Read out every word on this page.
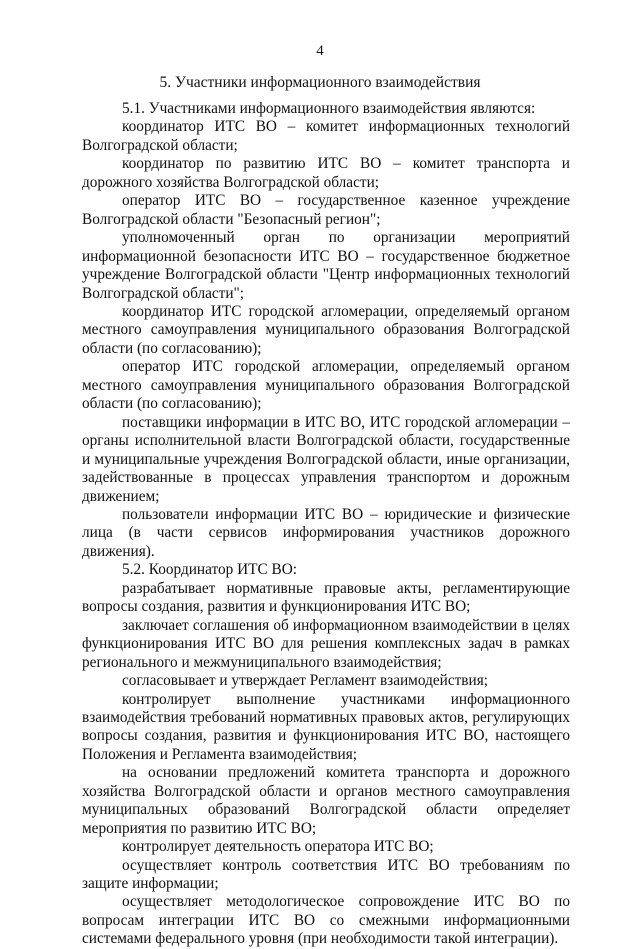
4
5. Участники информационного взаимодействия

5.1. Участниками информационного взаимодействия являются:

координатор ИТС ВО – комитет информационных технологий Волгоградской области;

координатор по развитию ИТС ВО – комитет транспорта и дорожного хозяйства Волгоградской области;

оператор ИТС ВО – государственное казенное учреждение Волгоградской области "Безопасный регион";

уполномоченный орган по организации мероприятий информационной безопасности ИТС ВО – государственное бюджетное учреждение Волгоградской области "Центр информационных технологий Волгоградской области";

координатор ИТС городской агломерации, определяемый органом местного самоуправления муниципального образования Волгоградской области (по согласованию);

оператор ИТС городской агломерации, определяемый органом местного самоуправления муниципального образования Волгоградской области (по согласованию);

поставщики информации в ИТС ВО, ИТС городской агломерации – органы исполнительной власти Волгоградской области, государственные и муниципальные учреждения Волгоградской области, иные организации, задействованные в процессах управления транспортом и дорожным движением;

пользователи информации ИТС ВО – юридические и физические лица (в части сервисов информирования участников дорожного движения).

5.2. Координатор ИТС ВО:

разрабатывает нормативные правовые акты, регламентирующие вопросы создания, развития и функционирования ИТС ВО;

заключает соглашения об информационном взаимодействии в целях функционирования ИТС ВО для решения комплексных задач в рамках регионального и межмуниципального взаимодействия;

согласовывает и утверждает Регламент взаимодействия;

контролирует выполнение участниками информационного взаимодействия требований нормативных правовых актов, регулирующих вопросы создания, развития и функционирования ИТС ВО, настоящего Положения и Регламента взаимодействия;

на основании предложений комитета транспорта и дорожного хозяйства Волгоградской области и органов местного самоуправления муниципальных образований Волгоградской области определяет мероприятия по развитию ИТС ВО;

контролирует деятельность оператора ИТС ВО;

осуществляет контроль соответствия ИТС ВО требованиям по защите информации;

осуществляет методологическое сопровождение ИТС ВО по вопросам интеграции ИТС ВО со смежными информационными системами федерального уровня (при необходимости такой интеграции).
